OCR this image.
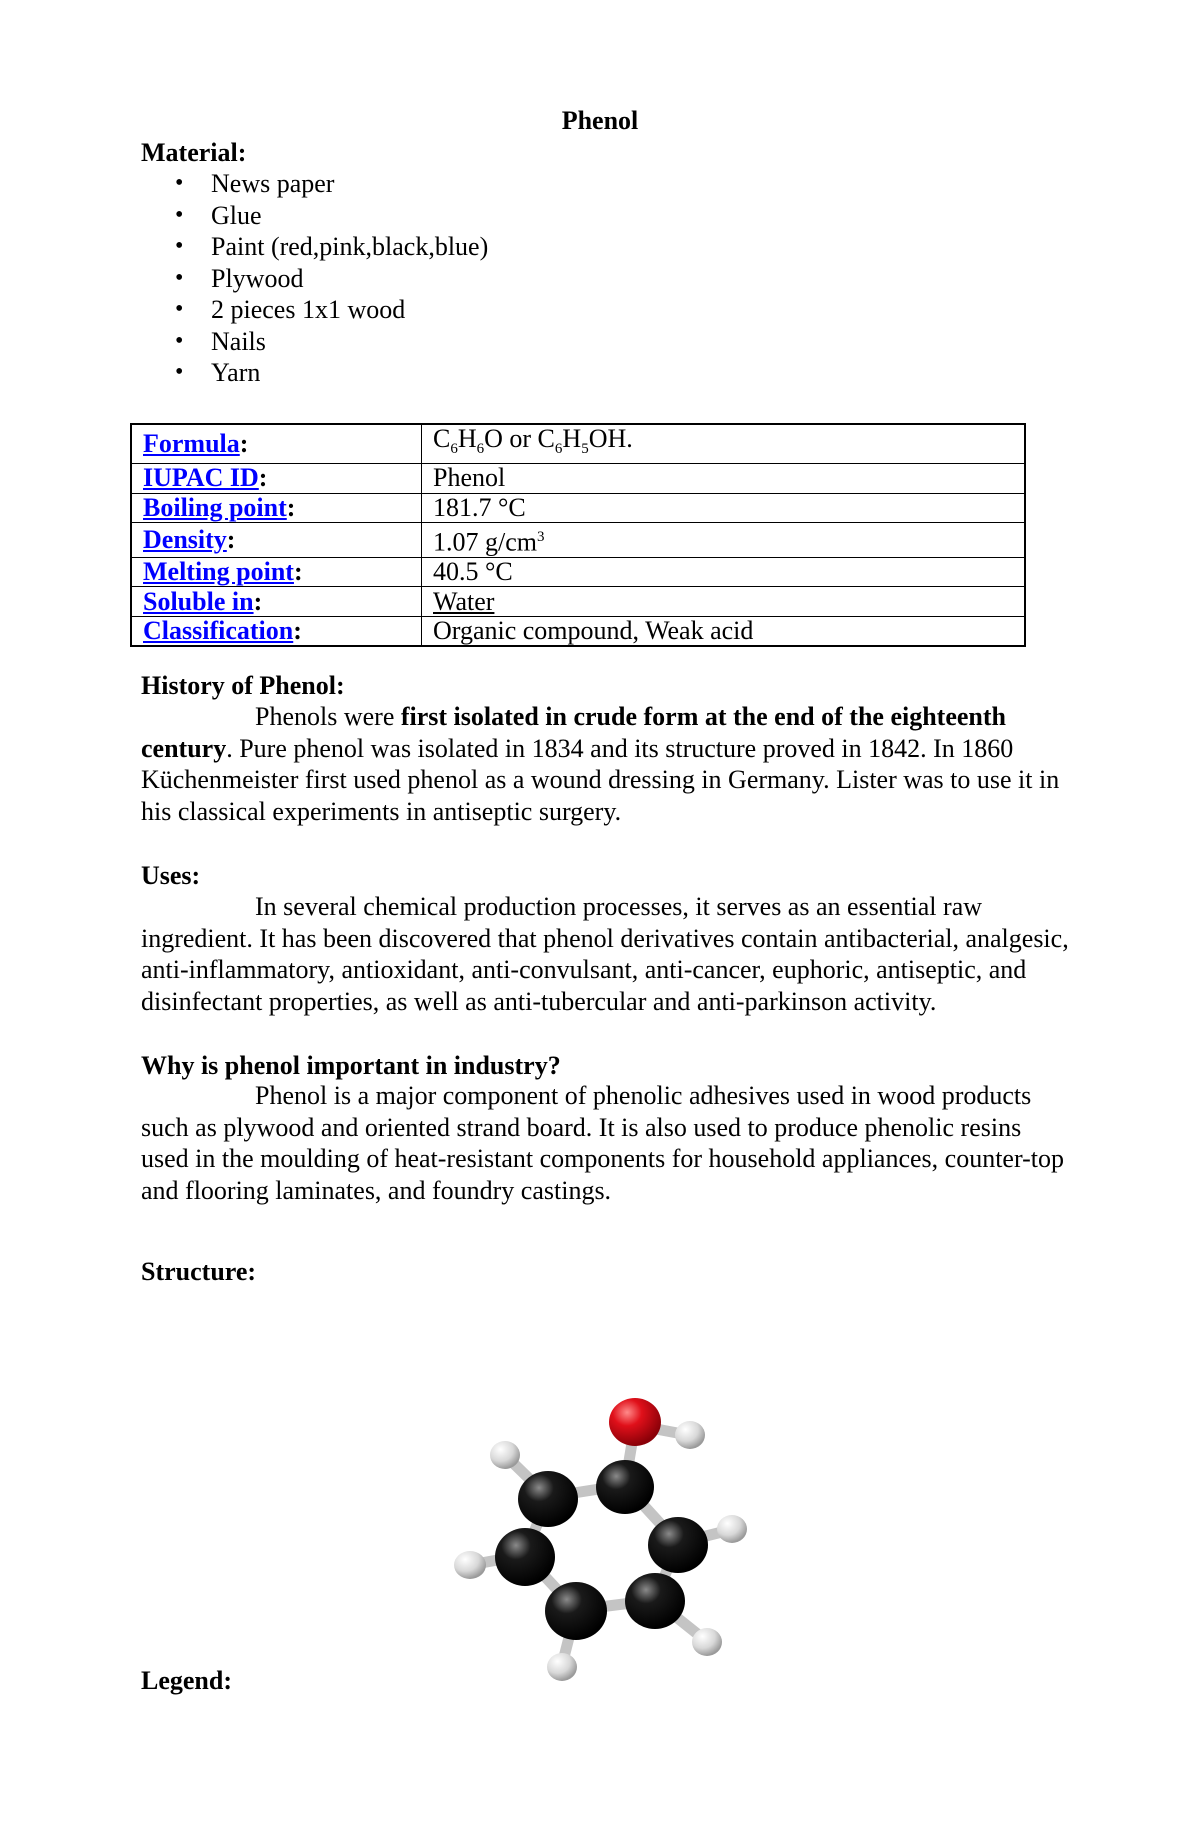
Phenol
Material:
• News paper
• Glue
• Paint (red,pink,black,blue)
• Plywood
• 2 pieces 1x1 wood
• Nails
• Yarn
Formula:	$C_6H_6O$ or $C_6H_5OH$.
IUPAC ID:	Phenol
Boiling point:	181.7 °C
Density:	1.07 $g/cm^3$
Melting point:	40.5 °C
Soluble in:	Water
Classification:	Organic compound, Weak acid
History of Phenol:

Phenols were first isolated in crude form at the end of the eighteenth century. Pure phenol was isolated in 1834 and its structure proved in 1842. In 1860 Küchenmeister first used phenol as a wound dressing in Germany. Lister was to use it in his classical experiments in antiseptic surgery.

Uses:

In several chemical production processes, it serves as an essential raw ingredient. It has been discovered that phenol derivatives contain antibacterial, analgesic, anti-inflammatory, antioxidant, anti-convulsant, anti-cancer, euphoric, antiseptic, and disinfectant properties, as well as anti-tubercular and anti-parkinson activity.

Why is phenol important in industry?

Phenol is a major component of phenolic adhesives used in wood products such as plywood and oriented strand board. It is also used to produce phenolic resins used in the moulding of heat-resistant components for household appliances, counter-top and flooring laminates, and foundry castings.

Structure:
Legend:
